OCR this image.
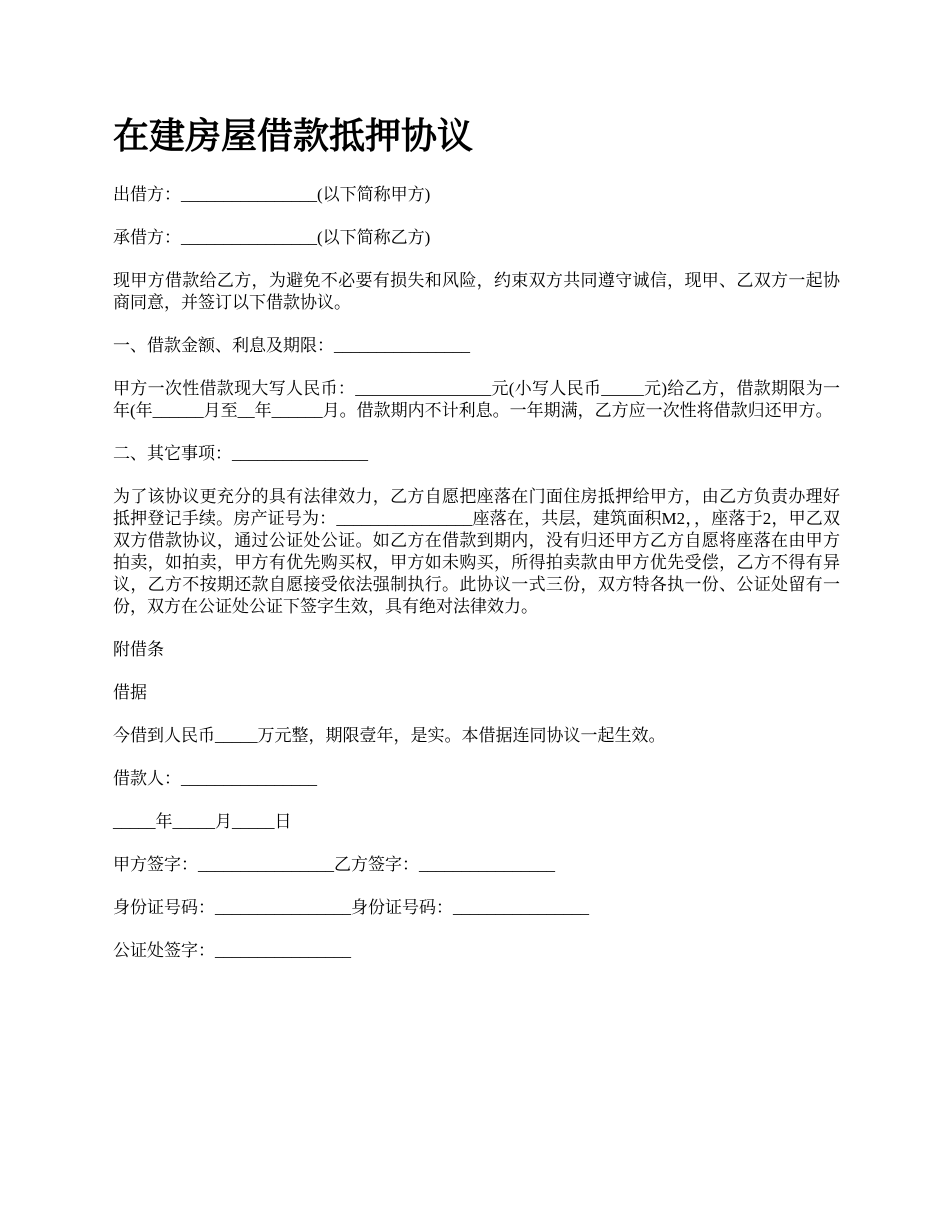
在建房屋借款抵押协议

出借方：________________(以下简称甲方)

承借方：________________(以下简称乙方)

现甲方借款给乙方，为避免不必要有损失和风险，约束双方共同遵守诚信，现甲、乙双方一起协商同意，并签订以下借款协议。

一、借款金额、利息及期限：________________

甲方一次性借款现大写人民币：________________元(小写人民币_____元)给乙方，借款期限为一年(年______月至__年______月。借款期内不计利息。一年期满，乙方应一次性将借款归还甲方。

二、其它事项：________________

为了该协议更充分的具有法律效力，乙方自愿把座落在门面住房抵押给甲方，由乙方负责办理好抵押登记手续。房产证号为：________________座落在，共层，建筑面积M2，，座落于2，甲乙双双方借款协议，通过公证处公证。如乙方在借款到期内，没有归还甲方乙方自愿将座落在由甲方拍卖，如拍卖，甲方有优先购买权，甲方如未购买，所得拍卖款由甲方优先受偿，乙方不得有异议，乙方不按期还款自愿接受依法强制执行。此协议一式三份，双方特各执一份、公证处留有一份，双方在公证处公证下签字生效，具有绝对法律效力。

附借条

借据

今借到人民币_____万元整，期限壹年，是实。本借据连同协议一起生效。

借款人：________________

_____年_____月_____日

甲方签字：________________乙方签字：________________

身份证号码：________________身份证号码：________________

公证处签字：________________
